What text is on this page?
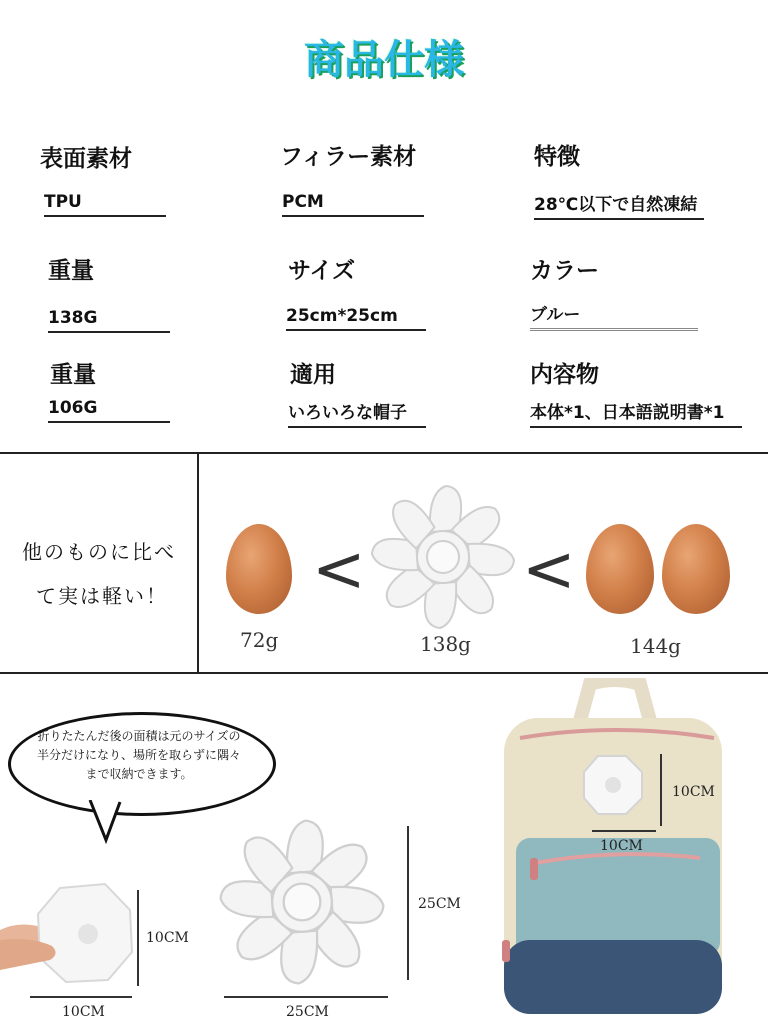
商品仕様
表面素材
TPU
フィラー素材
PCM
特徴
28℃以下で自然凍結
重量
138G
サイズ
25cm*25cm
カラー
ブルー
重量
106G
適用
いろいろな帽子
内容物
本体*1、日本語説明書*1
他のものに比べ
て実は軽い！ < <
72g	138g	144g
折りたたんだ後の面積は元のサイズの半分だけになり、場所を取らずに隅々まで収納できます。
10CM
10CM
25CM
25CM
10CM
10CM
